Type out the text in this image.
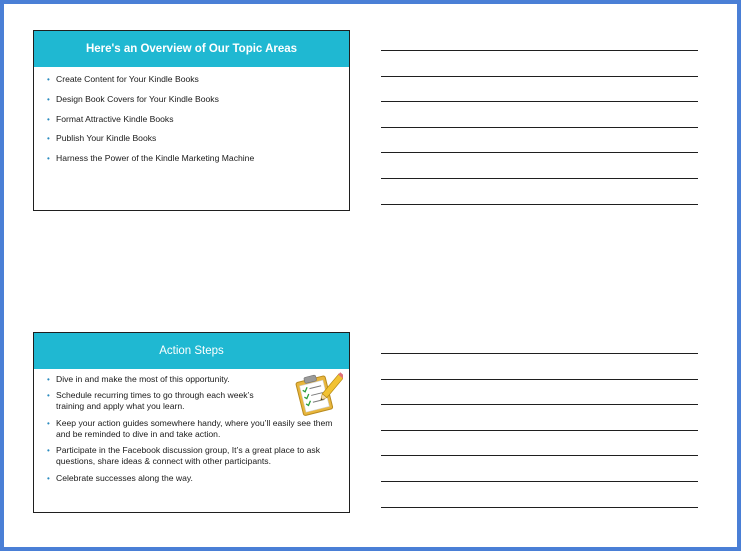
Here's an Overview of Our Topic Areas
• Create Content for Your Kindle Books
• Design Book Covers for Your Kindle Books
• Format Attractive Kindle Books
• Publish Your Kindle Books
• Harness the Power of the Kindle Marketing Machine
Action Steps
• Dive in and make the most of this opportunity.
• Schedule recurring times to go through each week’s training and apply what you learn.
• Keep your action guides somewhere handy, where you’ll easily see them and be reminded to dive in and take action.
• Participate in the Facebook discussion group, It’s a great place to ask questions, share ideas & connect with other participants.
• Celebrate successes along the way.
